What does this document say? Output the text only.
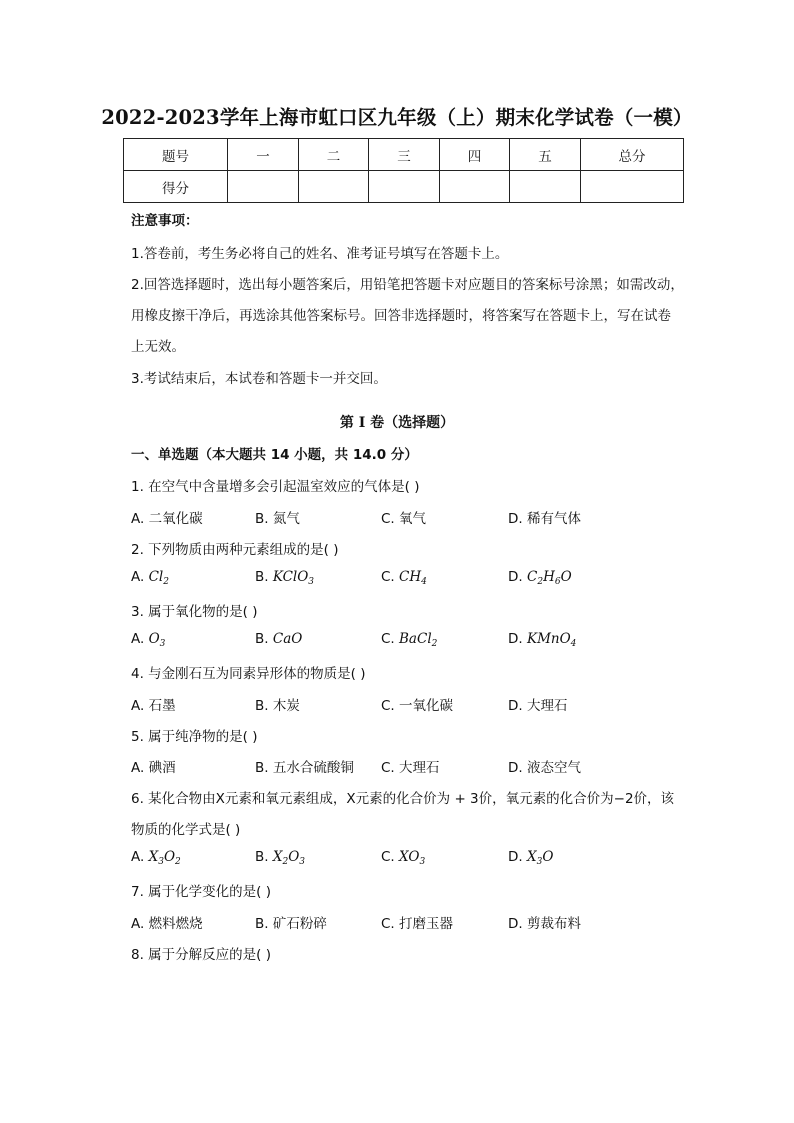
2022-2023学年上海市虹口区九年级（上）期末化学试卷（一模）
题号	一	二	三	四	五	总分
得分						
注意事项：
1.答卷前，考生务必将自己的姓名、准考证号填写在答题卡上。
2.回答选择题时，选出每小题答案后，用铅笔把答题卡对应题目的答案标号涂黑；如需改动，
用橡皮擦干净后，再选涂其他答案标号。回答非选择题时，将答案写在答题卡上，写在试卷
上无效。
3.考试结束后，本试卷和答题卡一并交回。
第 I 卷（选择题）
一、单选题（本大题共 14 小题，共 14.0 分）
1. 在空气中含量增多会引起温室效应的气体是( )
A. 二氧化碳	B. 氮气	C. 氧气	D. 稀有气体
2. 下列物质由两种元素组成的是( )
A. $Cl_2$	B. KClO$_3$	C. $CH_4$	D. $C_2H_6O$
3. 属于氧化物的是( )
A. $O_3$	B. CaO	C. BaCl$_2$	D. KMnO$_4$
4. 与金刚石互为同素异形体的物质是( )
A. 石墨	B. 木炭	C. 一氧化碳	D. 大理石
5. 属于纯净物的是( )
A. 碘酒	B. 五水合硫酸铜 C. 大理石	D. 液态空气
6. 某化合物由X元素和氧元素组成，X元素的化合价为 + 3价，氧元素的化合价为−2价，该
物质的化学式是( )
A. $X_3O_2$	B. $X_2O_3$	C. $XO_3$	D. $X_3O$
7. 属于化学变化的是( )
A. 燃料燃烧	B. 矿石粉碎	C. 打磨玉器	D. 剪裁布料
8. 属于分解反应的是( )
